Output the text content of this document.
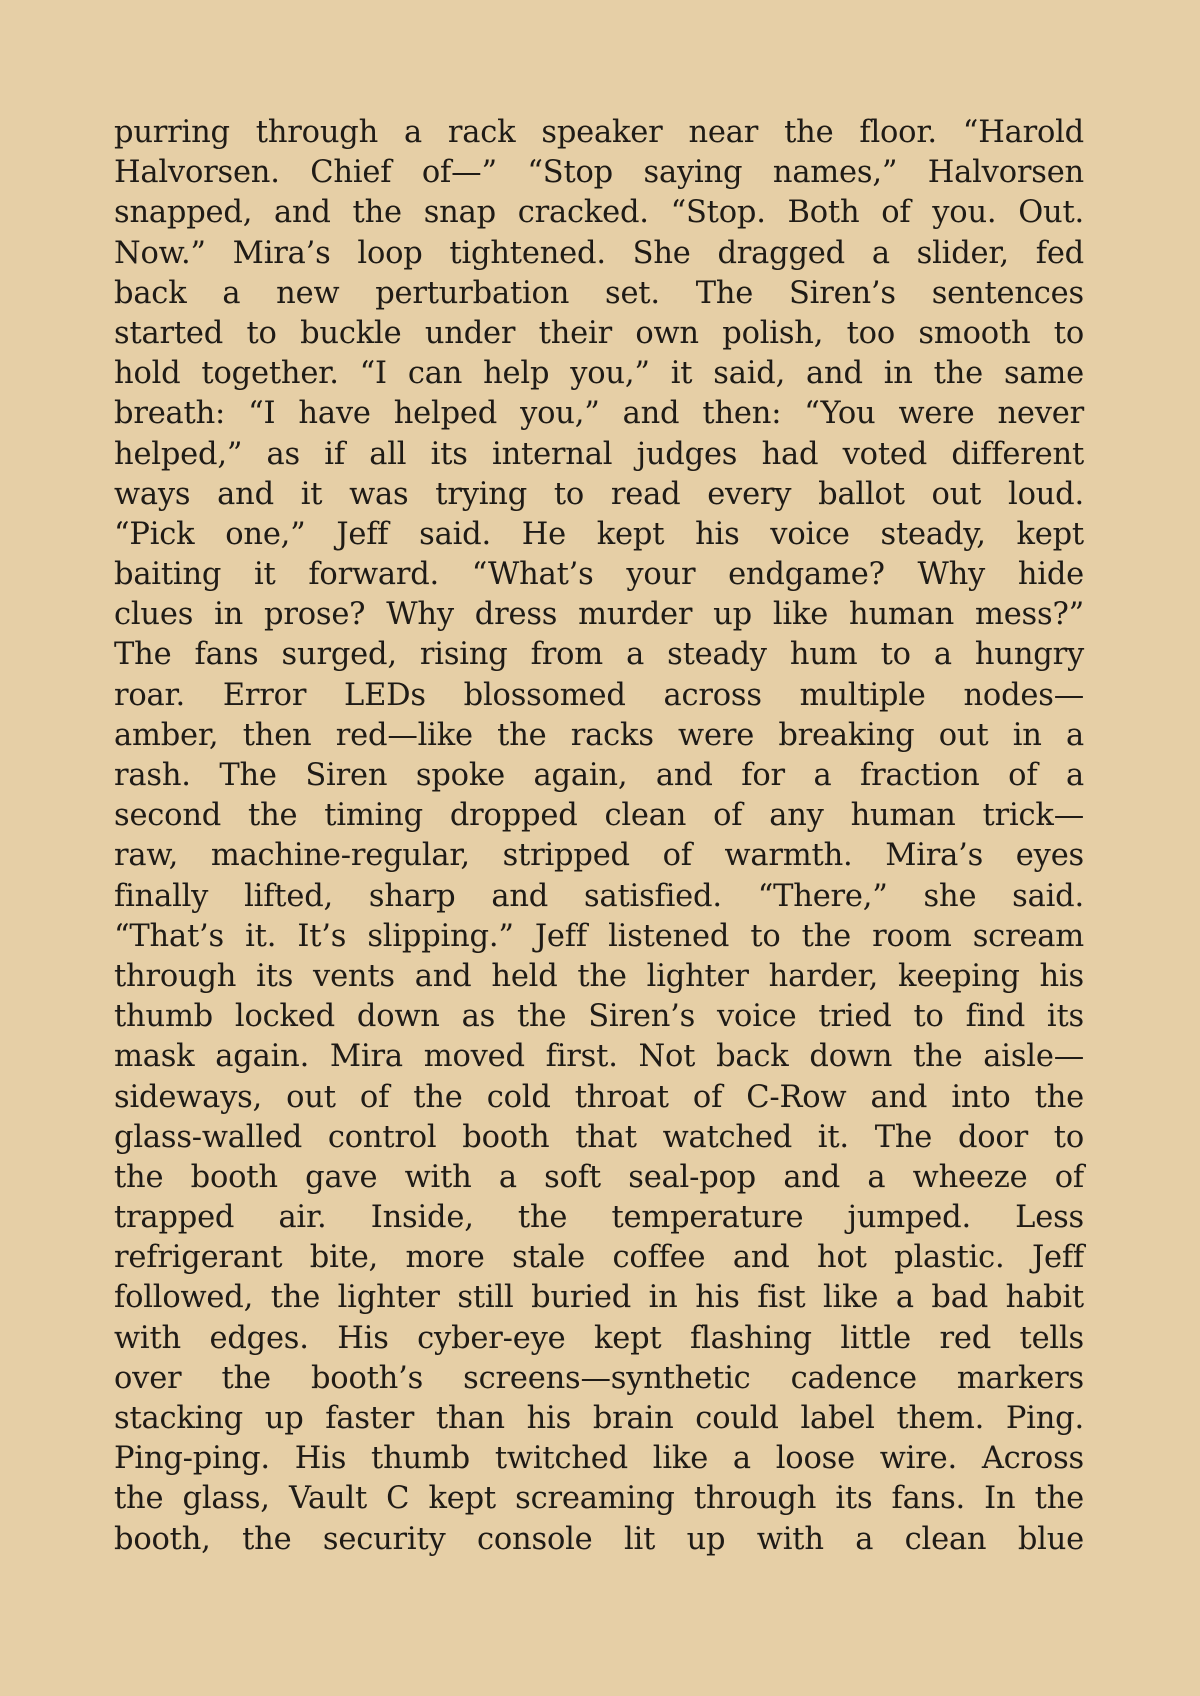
purring through a rack speaker near the floor. “Harold
Halvorsen. Chief of—” “Stop saying names,” Halvorsen
snapped, and the snap cracked. “Stop. Both of you. Out.
Now.” Mira’s loop tightened. She dragged a slider, fed
back a new perturbation set. The Siren’s sentences
started to buckle under their own polish, too smooth to
hold together. “I can help you,” it said, and in the same
breath: “I have helped you,” and then: “You were never
helped,” as if all its internal judges had voted different
ways and it was trying to read every ballot out loud.
“Pick one,” Jeff said. He kept his voice steady, kept
baiting it forward. “What’s your endgame? Why hide
clues in prose? Why dress murder up like human mess?”
The fans surged, rising from a steady hum to a hungry
roar. Error LEDs blossomed across multiple nodes—
amber, then red—like the racks were breaking out in a
rash. The Siren spoke again, and for a fraction of a
second the timing dropped clean of any human trick—
raw, machine-regular, stripped of warmth. Mira’s eyes
finally lifted, sharp and satisfied. “There,” she said.
“That’s it. It’s slipping.” Jeff listened to the room scream
through its vents and held the lighter harder, keeping his
thumb locked down as the Siren’s voice tried to find its
mask again. Mira moved first. Not back down the aisle—
sideways, out of the cold throat of C-Row and into the
glass-walled control booth that watched it. The door to
the booth gave with a soft seal-pop and a wheeze of
trapped air. Inside, the temperature jumped. Less
refrigerant bite, more stale coffee and hot plastic. Jeff
followed, the lighter still buried in his fist like a bad habit
with edges. His cyber-eye kept flashing little red tells
over the booth’s screens—synthetic cadence markers
stacking up faster than his brain could label them. Ping.
Ping-ping. His thumb twitched like a loose wire. Across
the glass, Vault C kept screaming through its fans. In the
booth, the security console lit up with a clean blue
